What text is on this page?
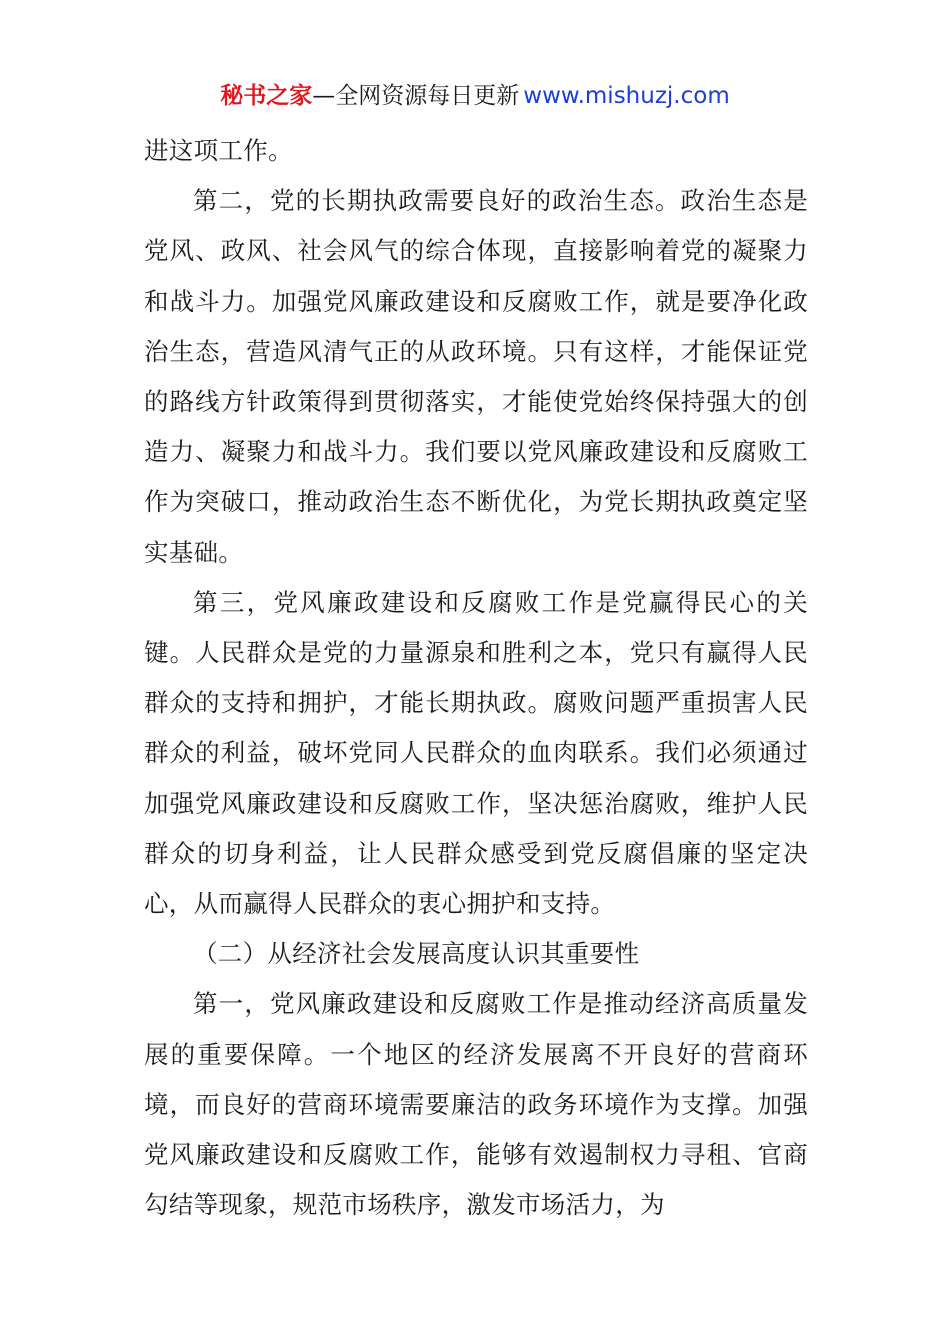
秘书之家—全网资源每日更新 www.mishuzj.com

进这项工作。

第二，党的长期执政需要良好的政治生态。政治生态是党风、政风、社会风气的综合体现，直接影响着党的凝聚力和战斗力。加强党风廉政建设和反腐败工作，就是要净化政治生态，营造风清气正的从政环境。只有这样，才能保证党的路线方针政策得到贯彻落实，才能使党始终保持强大的创造力、凝聚力和战斗力。我们要以党风廉政建设和反腐败工作为突破口，推动政治生态不断优化，为党长期执政奠定坚实基础。

第三，党风廉政建设和反腐败工作是党赢得民心的关键。人民群众是党的力量源泉和胜利之本，党只有赢得人民群众的支持和拥护，才能长期执政。腐败问题严重损害人民群众的利益，破坏党同人民群众的血肉联系。我们必须通过加强党风廉政建设和反腐败工作，坚决惩治腐败，维护人民群众的切身利益，让人民群众感受到党反腐倡廉的坚定决心，从而赢得人民群众的衷心拥护和支持。

（二）从经济社会发展高度认识其重要性

第一，党风廉政建设和反腐败工作是推动经济高质量发展的重要保障。一个地区的经济发展离不开良好的营商环境，而良好的营商环境需要廉洁的政务环境作为支撑。加强党风廉政建设和反腐败工作，能够有效遏制权力寻租、官商勾结等现象，规范市场秩序，激发市场活力，为
